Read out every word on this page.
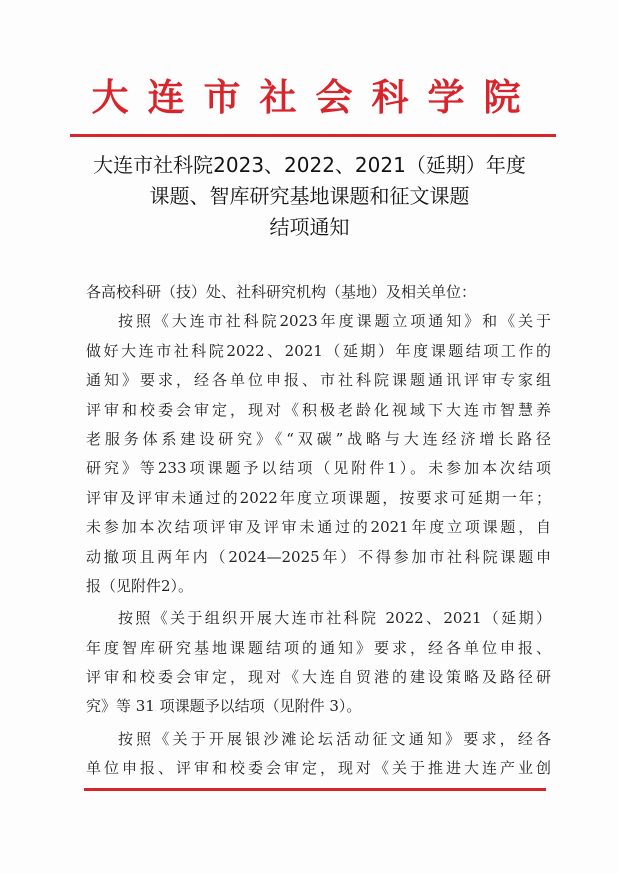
大连市社会科学院
大连市社科院2023、2022、2021（延期）年度
课题、智库研究基地课题和征文课题
结项通知
各高校科研（技）处、社科研究机构（基地）及相关单位：
按照《大连市社科院2023年度课题立项通知》和《关于
做好大连市社科院2022、2021（延期）年度课题结项工作的
通知》要求，经各单位申报、市社科院课题通讯评审专家组
评审和校委会审定，现对《积极老龄化视域下大连市智慧养
老服务体系建设研究》《“双碳”战略与大连经济增长路径
研究》等233项课题予以结项（见附件1）。未参加本次结项
评审及评审未通过的2022年度立项课题，按要求可延期一年；
未参加本次结项评审及评审未通过的2021年度立项课题，自
动撤项且两年内（2024—2025年）不得参加市社科院课题申
报（见附件2）。
按照《关于组织开展大连市社科院 2022、2021（延期）
年度智库研究基地课题结项的通知》要求，经各单位申报、
评审和校委会审定，现对《大连自贸港的建设策略及路径研
究》等 31 项课题予以结项（见附件 3）。
按照《关于开展银沙滩论坛活动征文通知》要求，经各
单位申报、评审和校委会审定，现对《关于推进大连产业创
